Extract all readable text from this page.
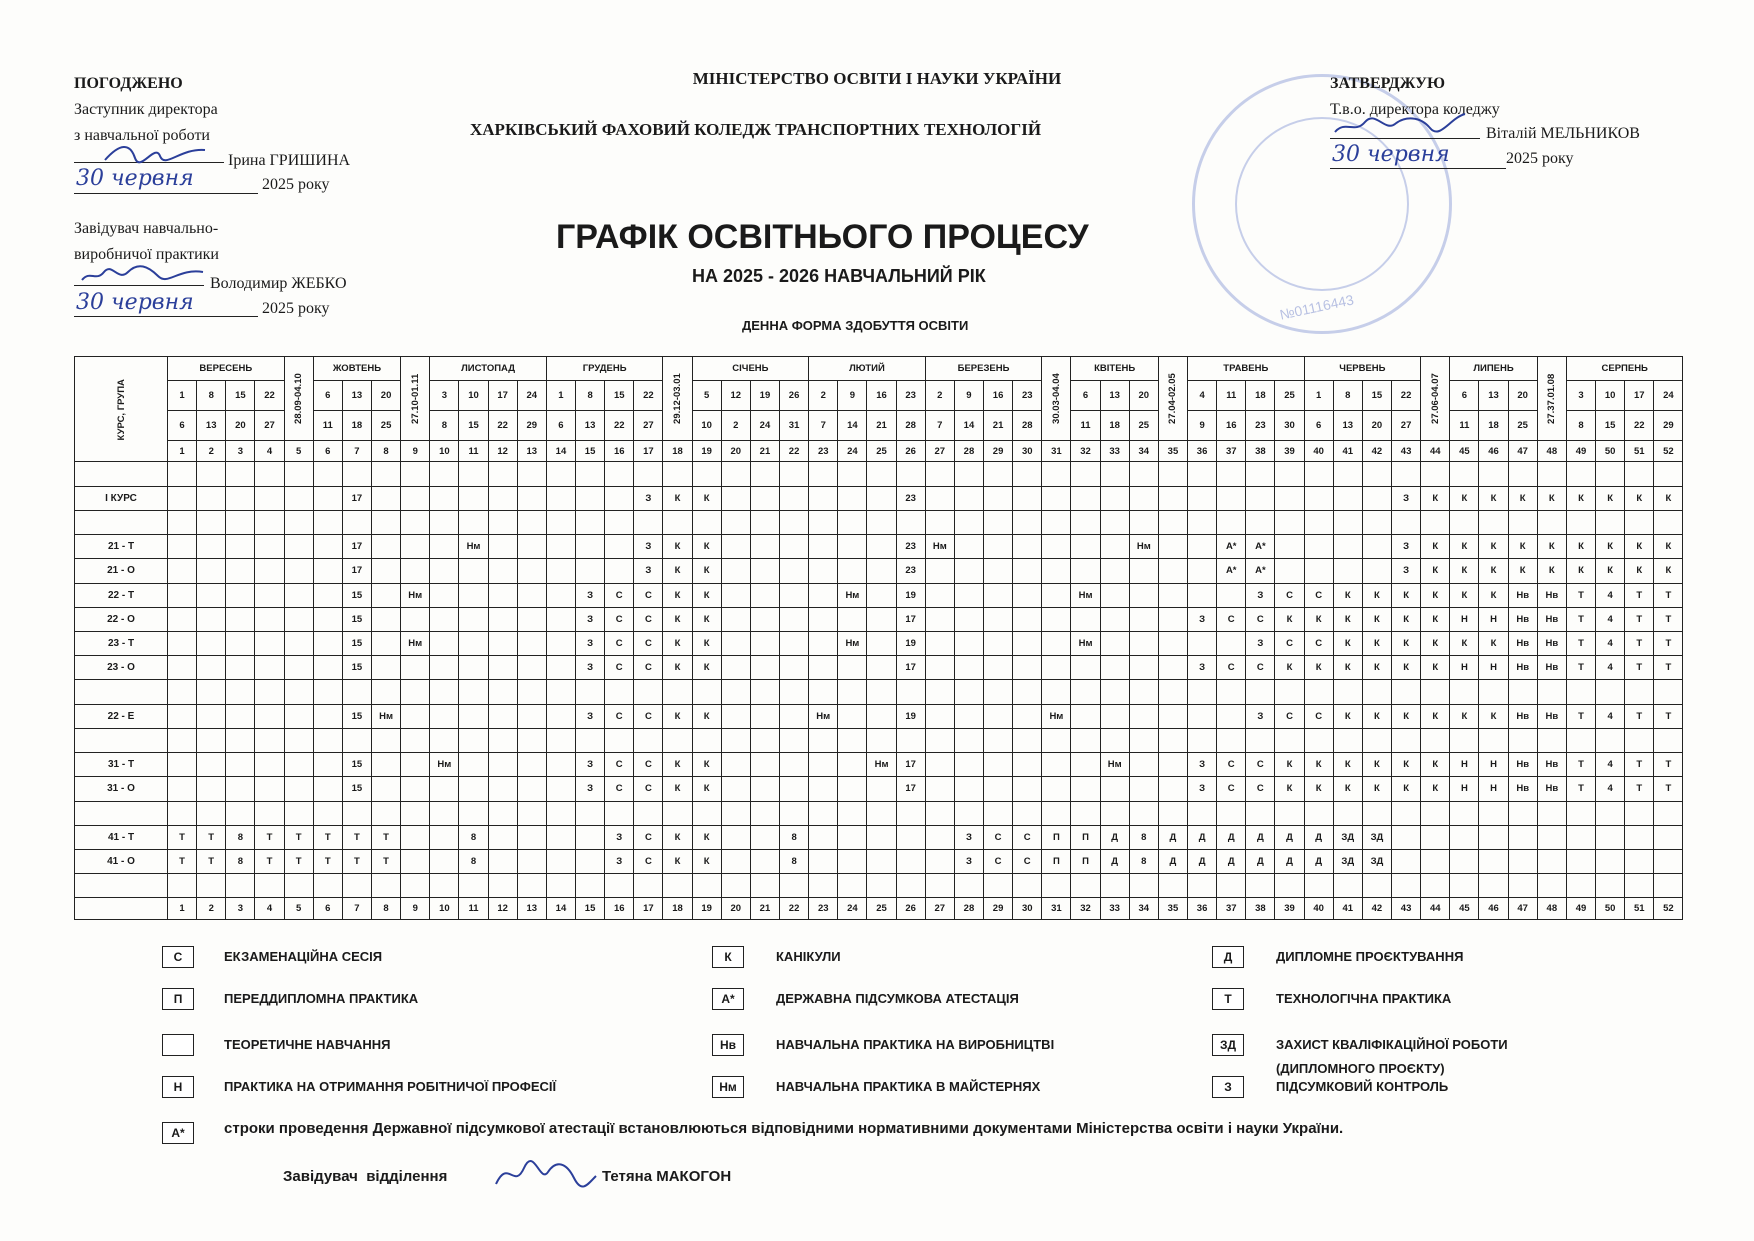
ПОГОДЖЕНО
Заступник директора
з навчальної роботи
Ірина ГРИШИНА
30 червня	2025 року
Завідувач навчально-
виробничої практики
Володимир ЖЕБКО
30 червня	2025 року
МІНІСТЕРСТВО ОСВІТИ І НАУКИ УКРАЇНИ
ХАРКІВСЬКИЙ ФАХОВИЙ КОЛЕДЖ ТРАНСПОРТНИХ ТЕХНОЛОГІЙ
ГРАФІК ОСВІТНЬОГО ПРОЦЕСУ
НА 2025 - 2026 НАВЧАЛЬНИЙ РІК
ДЕННА ФОРМА ЗДОБУТТЯ ОСВІТИ
№01116443
ЗАТВЕРДЖУЮ
Т.в.о. директора коледжу
Віталій МЕЛЬНИКОВ
30 червня	2025 року
КУРС, ГРУПА	ВЕРЕСЕНЬ				28.09-04.10	ЖОВТЕНЬ			27.10-01.11	ЛИСТОПАД				ГРУДЕНЬ				29.12-03.01	СІЧЕНЬ				ЛЮТИЙ				БЕРЕЗЕНЬ				30.03-04.04	КВІТЕНЬ			27.04-02.05	ТРАВЕНЬ				ЧЕРВЕНЬ				27.06-04.07	ЛИПЕНЬ			27.37.01.08	СЕРПЕНЬ			
	1	8	15	22		6	13	20		3	10	17	24	1	8	15	22		5	12	19	26	2	9	16	23	2	9	16	23		6	13	20		4	11	18	25	1	8	15	22		6	13	20		3	10	17	24
	6	13	20	27		11	18	25		8	15	22	29	6	13	22	27		10	2	24	31	7	14	21	28	7	14	21	28		11	18	25		9	16	23	30	6	13	20	27		11	18	25		8	15	22	29
	1	2	3	4	5	6	7	8	9	10	11	12	13	14	15	16	17	18	19	20	21	22	23	24	25	26	27	28	29	30	31	32	33	34	35	36	37	38	39	40	41	42	43	44	45	46	47	48	49	50	51	52

І КУРС							17										З	К	К							23																	З	К	К	К	К	К	К	К	К	К

21 - Т							17				Нм						З	К	К							23	Нм							Нм			А*	А*					З	К	К	К	К	К	К	К	К	К
21 - О							17										З	К	К							23											А*	А*					З	К	К	К	К	К	К	К	К	К
22 - Т							15		Нм						З	С	С	К	К					Нм		19						Нм						З	С	С	К	К	К	К	К	К	Нв	Нв	Т	4	Т	Т
22 - О							15								З	С	С	К	К							17										З	С	С	К	К	К	К	К	К	Н	Н	Нв	Нв	Т	4	Т	Т
23 - Т							15		Нм						З	С	С	К	К					Нм		19						Нм						З	С	С	К	К	К	К	К	К	Нв	Нв	Т	4	Т	Т
23 - О							15								З	С	С	К	К							17										З	С	С	К	К	К	К	К	К	Н	Н	Нв	Нв	Т	4	Т	Т

22 - Е							15	Нм							З	С	С	К	К				Нм			19					Нм							З	С	С	К	К	К	К	К	К	Нв	Нв	Т	4	Т	Т

31 - Т							15			Нм					З	С	С	К	К						Нм	17							Нм			З	С	С	К	К	К	К	К	К	Н	Н	Нв	Нв	Т	4	Т	Т
31 - О							15								З	С	С	К	К							17										З	С	С	К	К	К	К	К	К	Н	Н	Нв	Нв	Т	4	Т	Т

41 - Т	Т	Т	8	Т	Т	Т	Т	Т			8					З	С	К	К			8						З	С	С	П	П	Д	8	Д	Д	Д	Д	Д	Д	ЗД	ЗД										
41 - О	Т	Т	8	Т	Т	Т	Т	Т			8					З	С	К	К			8						З	С	С	П	П	Д	8	Д	Д	Д	Д	Д	Д	ЗД	ЗД										

	1	2	3	4	5	6	7	8	9	10	11	12	13	14	15	16	17	18	19	20	21	22	23	24	25	26	27	28	29	30	31	32	33	34	35	36	37	38	39	40	41	42	43	44	45	46	47	48	49	50	51	52
С	ЕКЗАМЕНАЦІЙНА СЕСІЯ	К	КАНІКУЛИ	Д	ДИПЛОМНЕ ПРОЄКТУВАННЯ
П	ПЕРЕДДИПЛОМНА ПРАКТИКА	А*	ДЕРЖАВНА ПІДСУМКОВА АТЕСТАЦІЯ	Т	ТЕХНОЛОГІЧНА ПРАКТИКА
ТЕОРЕТИЧНЕ НАВЧАННЯ	Нв	НАВЧАЛЬНА ПРАКТИКА НА ВИРОБНИЦТВІ	ЗД	ЗАХИСТ КВАЛІФІКАЦІЙНОЇ РОБОТИ
Н	ПРАКТИКА НА ОТРИМАННЯ РОБІТНИЧОЇ ПРОФЕСІЇ	Нм	НАВЧАЛЬНА ПРАКТИКА В МАЙСТЕРНЯХ	З	ПІДСУМКОВИЙ КОНТРОЛЬ
(ДИПЛОМНОГО ПРОЄКТУ)
А*	строки проведення Державної підсумкової атестації встановлюються відповідними нормативними документами Міністерства освіти і науки України.
Завідувач  відділення	Тетяна МАКОГОН
